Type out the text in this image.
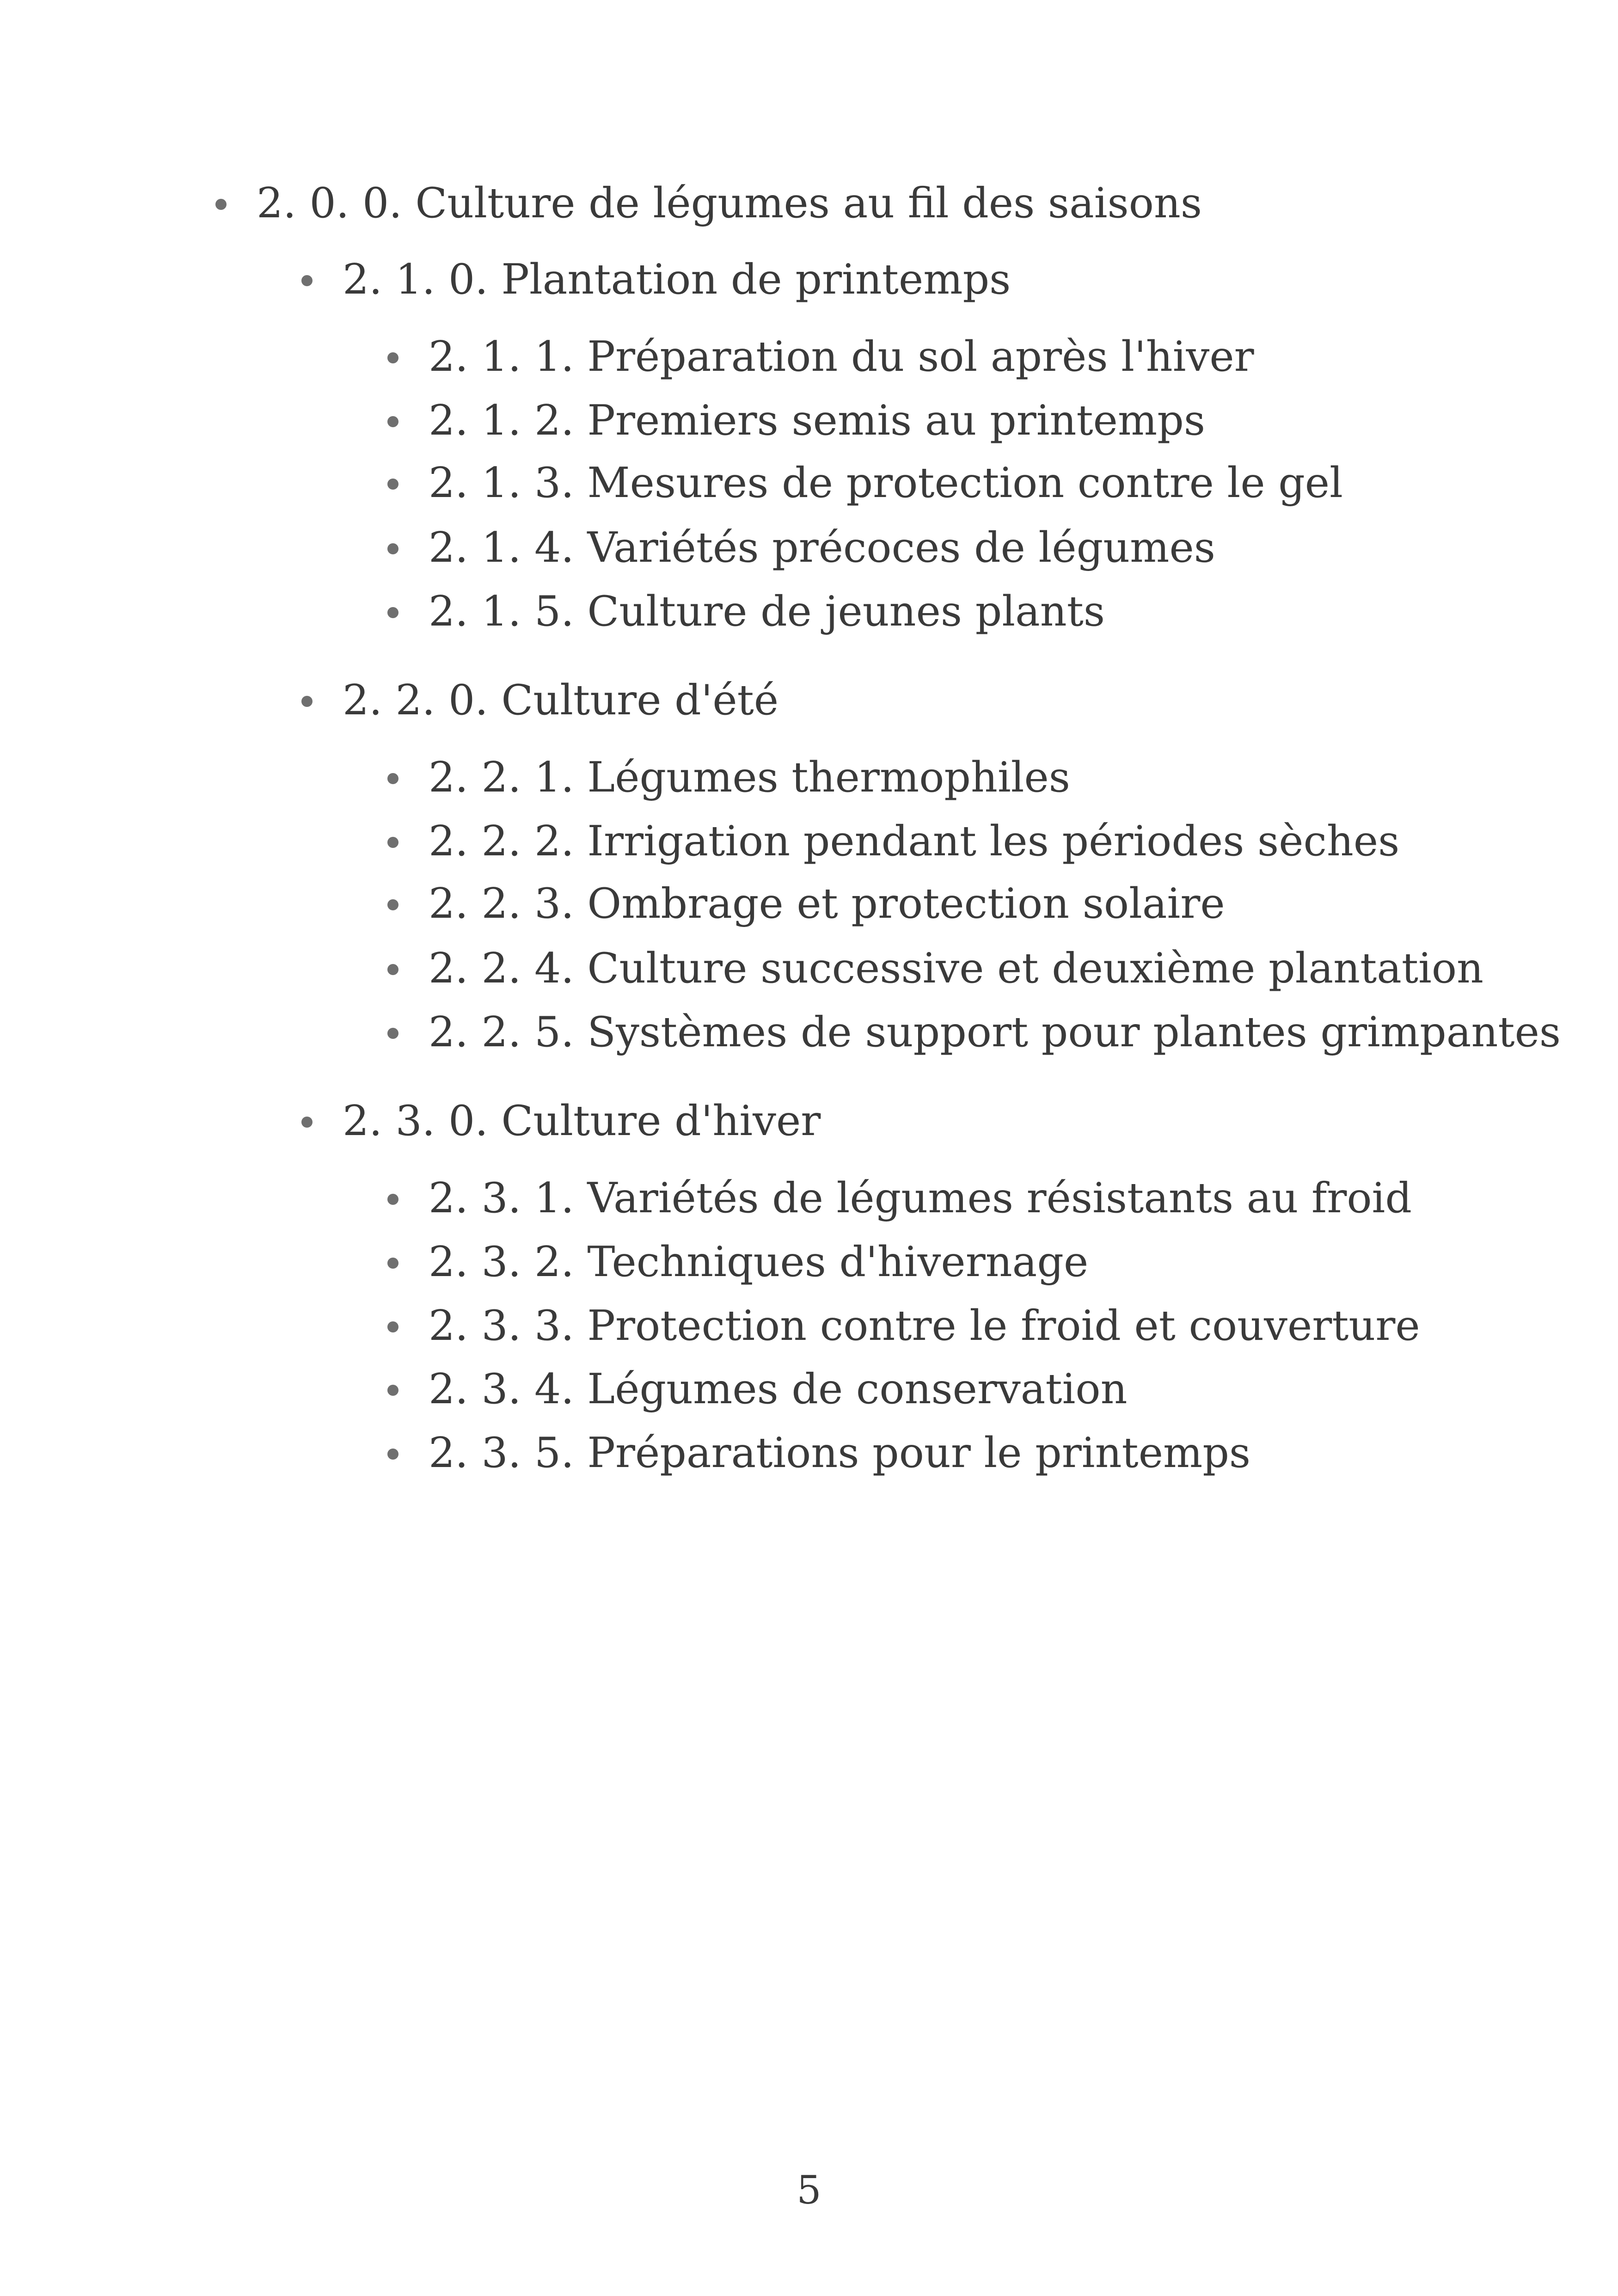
2. 0. 0. Culture de légumes au fil des saisons
2. 1. 0. Plantation de printemps
2. 1. 1. Préparation du sol après l'hiver
2. 1. 2. Premiers semis au printemps
2. 1. 3. Mesures de protection contre le gel
2. 1. 4. Variétés précoces de légumes
2. 1. 5. Culture de jeunes plants
2. 2. 0. Culture d'été
2. 2. 1. Légumes thermophiles
2. 2. 2. Irrigation pendant les périodes sèches
2. 2. 3. Ombrage et protection solaire
2. 2. 4. Culture successive et deuxième plantation
2. 2. 5. Systèmes de support pour plantes grimpantes
2. 3. 0. Culture d'hiver
2. 3. 1. Variétés de légumes résistants au froid
2. 3. 2. Techniques d'hivernage
2. 3. 3. Protection contre le froid et couverture
2. 3. 4. Légumes de conservation
2. 3. 5. Préparations pour le printemps
5
